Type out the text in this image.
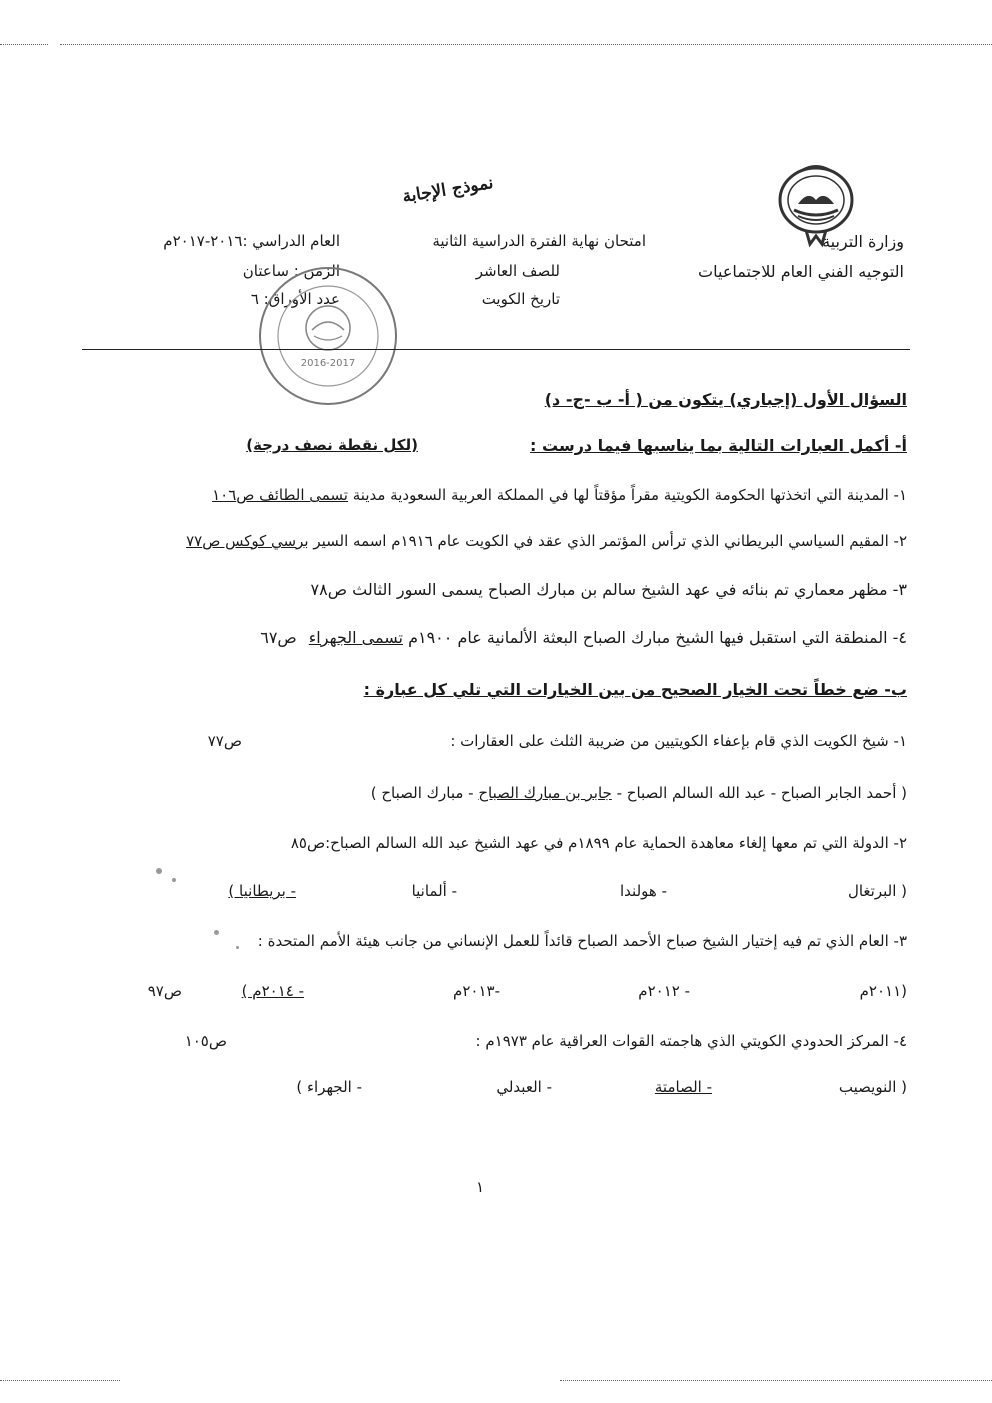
نموذج الإجابة
وزارة التربية
التوجيه الفني العام للاجتماعيات
امتحان نهاية الفترة الدراسية الثانية
للصف العاشر
تاريخ الكويت
العام الدراسي :٢٠١٦-٢٠١٧م
الزمن : ساعتان
عدد الأوراق: ٦
2016-2017
السؤال الأول (إجباري) يتكون من ( أ- ب -ج- د)
أ- أكمل العبارات التالية بما يناسبها فيما درست :
(لكل نقطة نصف درجة)
١- المدينة التي اتخذتها الحكومة الكويتية مقراً مؤقتاً لها في المملكة العربية السعودية مدينة تسمى الطائف ص١٠٦
٢- المقيم السياسي البريطاني الذي ترأس المؤتمر الذي عقد في الكويت عام ١٩١٦م اسمه السير برسي كوكس ص٧٧
٣- مظهر معماري تم بنائه في عهد الشيخ سالم بن مبارك الصباح يسمى السور الثالث ص٧٨
٤- المنطقة التي استقبل فيها الشيخ مبارك الصباح البعثة الألمانية عام ١٩٠٠م تسمى الجهراءص٦٧
ب- ضع خطاً تحت الخيار الصحيح من بين الخيارات التي تلي كل عبارة :
١- شيخ الكويت الذي قام بإعفاء الكويتيين من ضريبة الثلث على العقارات :
ص٧٧
( أحمد الجابر الصباح - عبد الله السالم الصباح - جابر بن مبارك الصباح - مبارك الصباح )
٢- الدولة التي تم معها إلغاء معاهدة الحماية عام ١٨٩٩م في عهد الشيخ عبد الله السالم الصباح:ص٨٥
( البرتغال
- هولندا
- ألمانيا
- بريطانيا )
٣- العام الذي تم فيه إختيار الشيخ صباح الأحمد الصباح قائداً للعمل الإنساني من جانب هيئة الأمم المتحدة :
(٢٠١١م
- ٢٠١٢م
-٢٠١٣م
- ٢٠١٤م )
ص٩٧
٤- المركز الحدودي الكويتي الذي هاجمته القوات العراقية عام ١٩٧٣م :
ص١٠٥
( النويصيب
- الصامتة
- العبدلي
- الجهراء )
١
